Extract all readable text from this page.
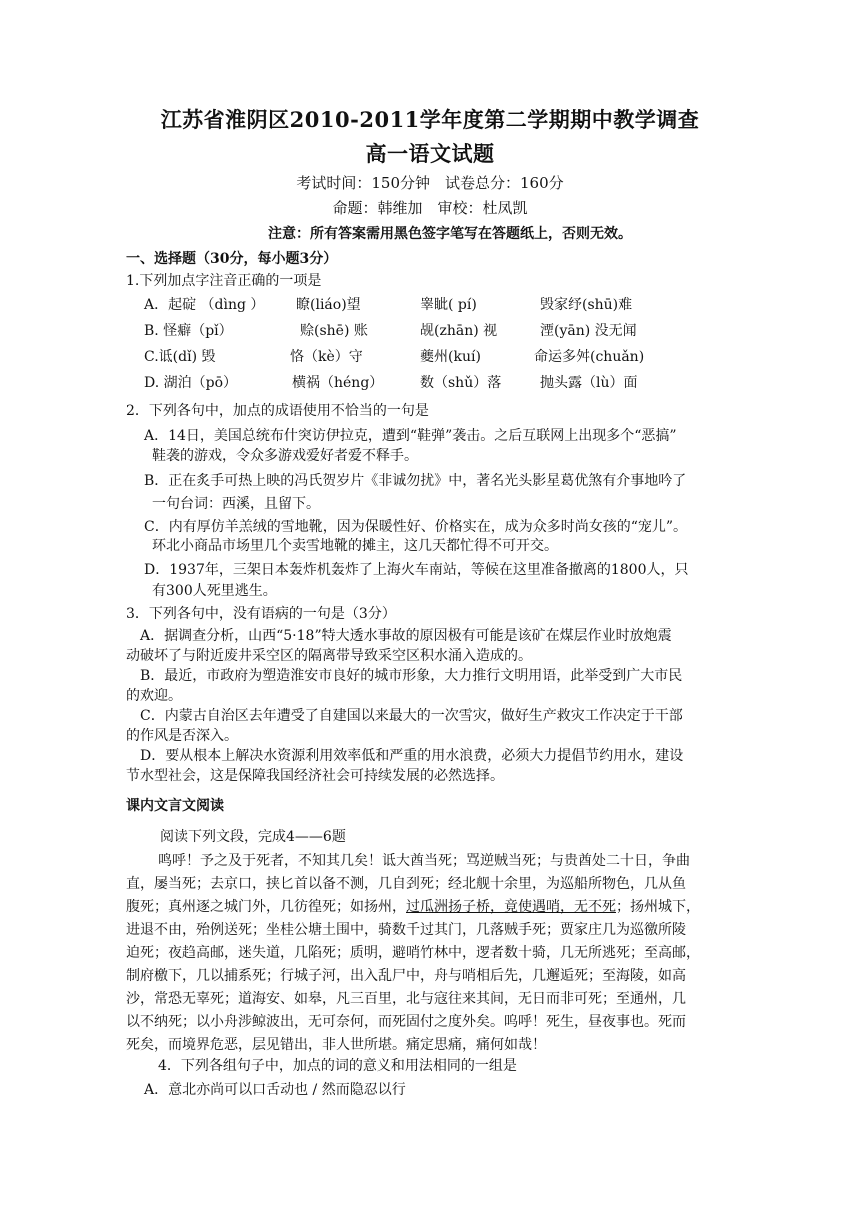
江苏省淮阴区2010-2011学年度第二学期期中教学调查
高一语文试题
考试时间：150分钟　试卷总分：160分
命题：韩维加　审校：杜凤凯
注意：所有答案需用黑色签字笔写在答题纸上，否则无效。
一、选择题（30分，每小题3分）
1.下列加点字注音正确的一项是
A．起碇 （dìng ） 瞭(liáo)望	睾眦( pí)	毁家纾(shū)难
B. 怪癖（pǐ）	赊(shē) 账	觇(zhān) 视	湮(yān) 没无闻
C.诋(dǐ) 毁	恪（kè）守	夔州(kuí)	命运多舛(chuǎn)
D. 湖泊（pō）	横祸（héng）	数（shǔ）落	抛头露（lù）面
2．下列各句中，加点的成语使用不恰当的一句是
A．14日，美国总统布什突访伊拉克，遭到“鞋弹”袭击。之后互联网上出现多个“恶搞”
鞋袭的游戏，令众多游戏爱好者爱不释手。
B．正在炙手可热上映的冯氏贺岁片《非诚勿扰》中，著名光头影星葛优煞有介事地吟了
一句台词：西溪，且留下。
C．内有厚仿羊羔绒的雪地靴，因为保暖性好、价格实在，成为众多时尚女孩的“宠儿”。
环北小商品市场里几个卖雪地靴的摊主，这几天都忙得不可开交。
D．1937年，三架日本轰炸机轰炸了上海火车南站，等候在这里准备撤离的1800人，只
有300人死里逃生。
3．下列各句中，没有语病的一句是（3分）
A．据调查分析，山西“5·18”特大透水事故的原因极有可能是该矿在煤层作业时放炮震
动破坏了与附近废井采空区的隔离带导致采空区积水涌入造成的。
B．最近，市政府为塑造淮安市良好的城市形象，大力推行文明用语，此举受到广大市民
的欢迎。
C．内蒙古自治区去年遭受了自建国以来最大的一次雪灾，做好生产救灾工作决定于干部
的作风是否深入。
D．要从根本上解决水资源利用效率低和严重的用水浪费，必须大力提倡节约用水，建设
节水型社会，这是保障我国经济社会可持续发展的必然选择。
课内文言文阅读
阅读下列文段，完成4——6题
鸣呼！予之及于死者，不知其几矣！诋大酋当死；骂逆贼当死；与贵酋处二十日，争曲
直，屡当死；去京口，挟匕首以备不测，几自刭死；经北舰十余里，为巡船所物色，几从鱼
腹死；真州逐之城门外，几彷徨死；如扬州，过瓜洲扬子桥，竟使遇哨，无不死；扬州城下，
进退不由，殆例送死；坐桂公塘土围中，骑数千过其门，几落贼手死；贾家庄几为巡徼所陵
迫死；夜趋高邮，迷失道，几陷死；质明，避哨竹林中，逻者数十骑，几无所逃死；至高邮，
制府檄下，几以捕系死；行城子河，出入乱尸中，舟与哨相后先，几邂逅死；至海陵，如高
沙，常恐无辜死；道海安、如皋，凡三百里，北与寇往来其间，无日而非可死；至通州，几
以不纳死；以小舟涉鲸波出，无可奈何，而死固付之度外矣。呜呼！死生，昼夜事也。死而
死矣，而境界危恶，层见错出，非人世所堪。痛定思痛，痛何如哉！
4．下列各组句子中，加点的词的意义和用法相同的一组是
A．意北亦尚可以口舌动也 / 然而隐忍以行
